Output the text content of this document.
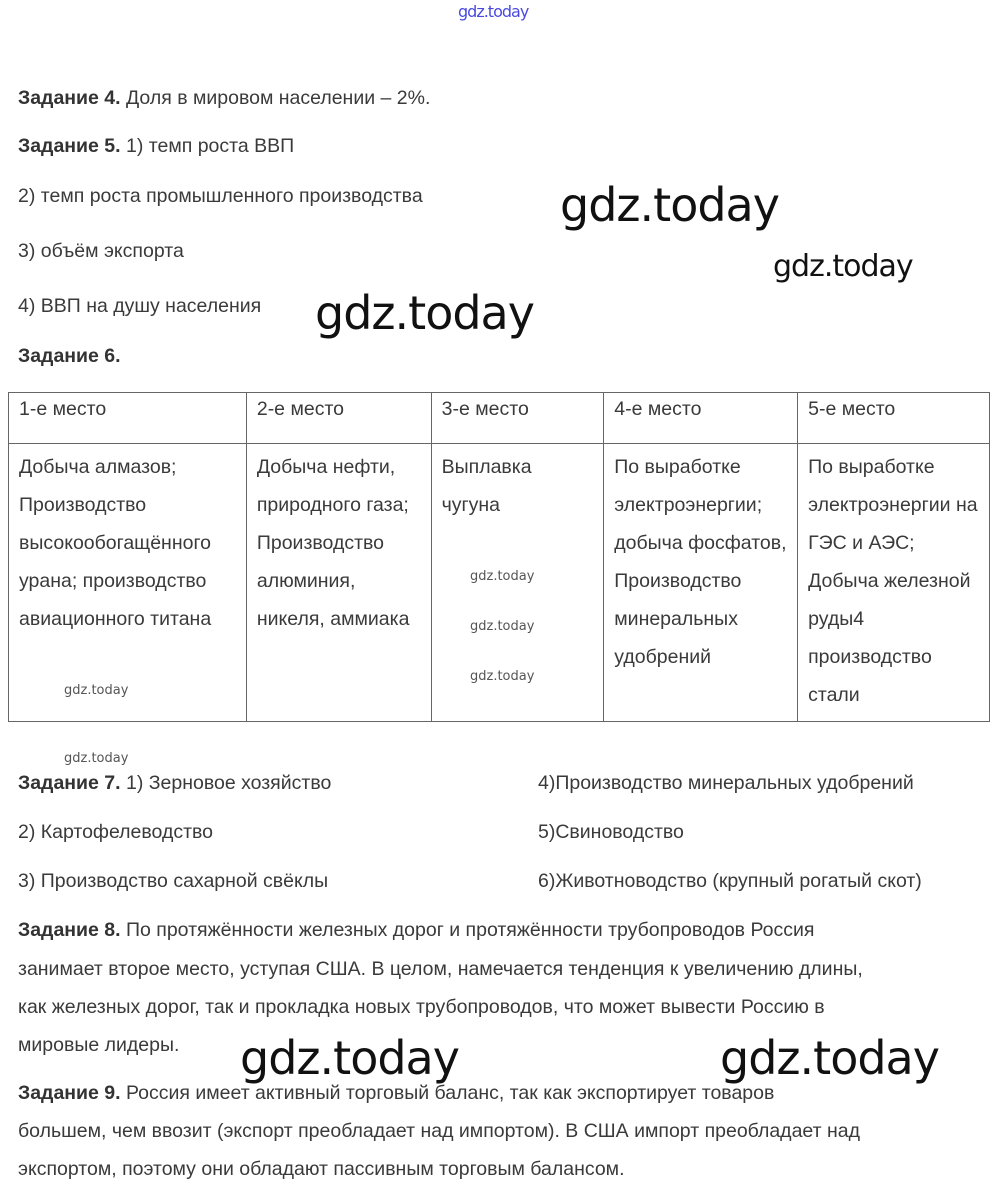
gdz.today
Задание 4. Доля в мировом населении – 2%.
Задание 5. 1) темп роста ВВП
2) темп роста промышленного производства
3) объём экспорта
4) ВВП на душу населения
Задание 6.
1-е место	2-е место	3-е место	4-е место	5-е место
Добыча алмазов; Производство высокообогащённого урана; производство авиационного титана	Добыча нефти, природного газа; Производство алюминия, никеля, аммиака	Выплавка чугуна	По выработке электроэнергии; добыча фосфатов, Производство минеральных удобрений	По выработке электроэнергии на ГЭС и АЭС; Добыча железной руды4 производство стали
Задание 7. 1) Зерновое хозяйство
2) Картофелеводство
3) Производство сахарной свёклы
4)Производство минеральных удобрений
5)Свиноводство
6)Животноводство (крупный рогатый скот)
Задание 8. По протяжённости железных дорог и протяжённости трубопроводов Россия
занимает второе место, уступая США. В целом, намечается тенденция к увеличению длины,
как железных дорог, так и прокладка новых трубопроводов, что может вывести Россию в
мировые лидеры.
Задание 9. Россия имеет активный торговый баланс, так как экспортирует товаров
большем, чем ввозит (экспорт преобладает над импортом). В США импорт преобладает над
экспортом, поэтому они обладают пассивным торговым балансом.
gdz.today
gdz.today
gdz.today
gdz.today	gdz.today
gdz.today
gdz.today
gdz.today
gdz.today
gdz.today
